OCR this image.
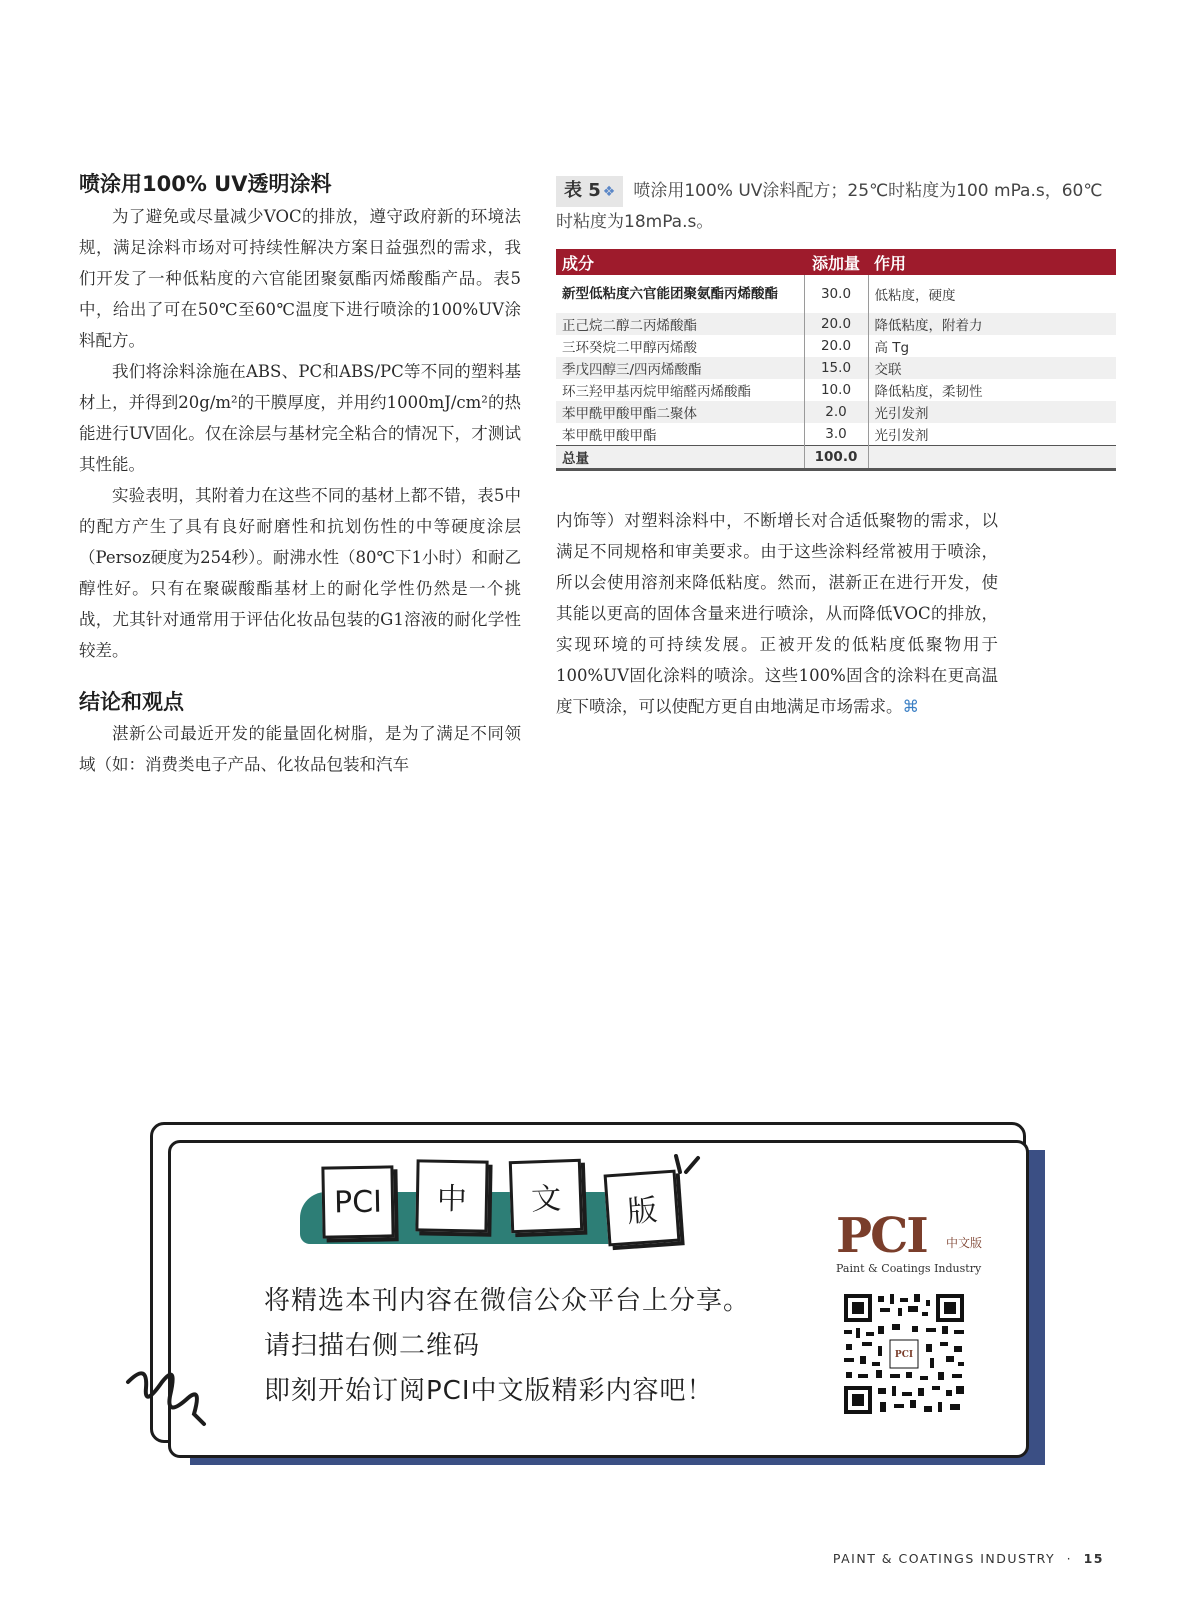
喷涂用100% UV透明涂料

为了避免或尽量减少VOC的排放，遵守政府新的环境法规，满足涂料市场对可持续性解决方案日益强烈的需求，我们开发了一种低粘度的六官能团聚氨酯丙烯酸酯产品。表5中，给出了可在50℃至60℃温度下进行喷涂的100%UV涂料配方。

我们将涂料涂施在ABS、PC和ABS/PC等不同的塑料基材上，并得到20g/m²的干膜厚度，并用约1000mJ/cm²的热能进行UV固化。仅在涂层与基材完全粘合的情况下，才测试其性能。

实验表明，其附着力在这些不同的基材上都不错，表5中的配方产生了具有良好耐磨性和抗划伤性的中等硬度涂层（Persoz硬度为254秒）。耐沸水性（80℃下1小时）和耐乙醇性好。只有在聚碳酸酯基材上的耐化学性仍然是一个挑战，尤其针对通常用于评估化妆品包装的G1溶液的耐化学性较差。

结论和观点

湛新公司最近开发的能量固化树脂，是为了满足不同领域（如：消费类电子产品、化妆品包装和汽车

表 5 ❖ 喷涂用100% UV涂料配方；25℃时粘度为100 mPa.s，60℃时粘度为18mPa.s。
成分	添加量	作用
新型低粘度六官能团聚氨酯丙烯酸酯	30.0	低粘度，硬度
正己烷二醇二丙烯酸酯	20.0	降低粘度，附着力
三环癸烷二甲醇丙烯酸	20.0	高 Tg
季戊四醇三/四丙烯酸酯	15.0	交联
环三羟甲基丙烷甲缩醛丙烯酸酯	10.0	降低粘度，柔韧性
苯甲酰甲酸甲酯二聚体	2.0	光引发剂
苯甲酰甲酸甲酯	3.0	光引发剂
总量	100.0	

内饰等）对塑料涂料中，不断增长对合适低聚物的需求，以满足不同规格和审美要求。由于这些涂料经常被用于喷涂，所以会使用溶剂来降低粘度。然而，湛新正在进行开发，使其能以更高的固体含量来进行喷涂，从而降低VOC的排放，实现环境的可持续发展。正被开发的低粘度低聚物用于100%UV固化涂料的喷涂。这些100%固含的涂料在更高温度下喷涂，可以使配方更自由地满足市场需求。⌘

PCI	中	文	版
将精选本刊内容在微信公众平台上分享。
请扫描右侧二维码
即刻开始订阅PCI中文版精彩内容吧！
PCI 中文版
Paint & Coatings Industry
PCI
PAINT & COATINGS INDUSTRY · 15
